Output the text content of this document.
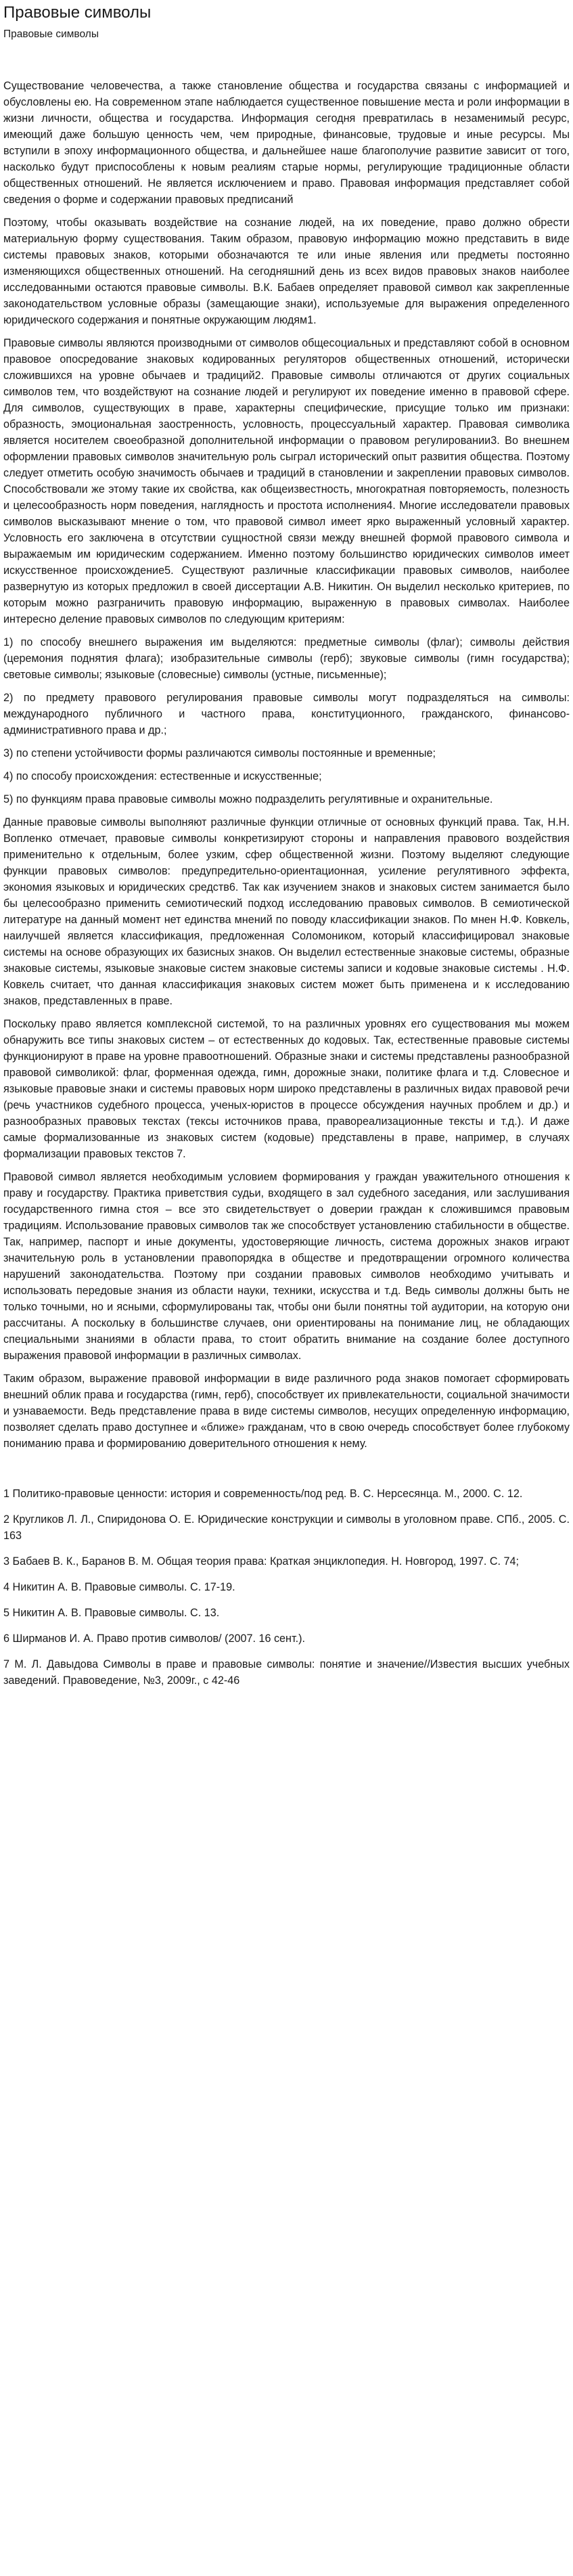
Правовые символы
Правовые символы

Существование человечества, а также становление общества и государства связаны с информацией и обусловлены ею. На современном этапе наблюдается существенное повышение места и роли информации в жизни личности, общества и государства. Информация сегодня превратилась в незаменимый ресурс, имеющий даже большую ценность чем, чем природные, финансовые, трудовые и иные ресурсы. Мы вступили в эпоху информационного общества, и дальнейшее наше благополучие развитие зависит от того, насколько будут приспособлены к новым реалиям старые нормы, регулирующие традиционные области общественных отношений. Не является исключением и право. Правовая информация представляет собой сведения о форме и содержании правовых предписаний

Поэтому, чтобы оказывать воздействие на сознание людей, на их поведение, право должно обрести материальную форму существования. Таким образом, правовую информацию можно представить в виде системы правовых знаков, которыми обозначаются те или иные явления или предметы постоянно изменяющихся общественных отношений. На сегодняшний день из всех видов правовых знаков наиболее исследованными остаются правовые символы. В.К. Бабаев определяет правовой символ как закрепленные законодательством условные образы (замещающие знаки), используемые для выражения определенного юридического содержания и понятные окружающим людям1.

Правовые символы являются производными от символов общесоциальных и представляют собой в основном правовое опосредование знаковых кодированных регуляторов общественных отношений, исторически сложившихся на уровне обычаев и традиций2. Правовые символы отличаются от других социальных символов тем, что воздействуют на сознание людей и регулируют их поведение именно в правовой сфере. Для символов, существующих в праве, характерны специфические, присущие только им признаки: образность, эмоциональная заостренность, условность, процессуальный характер. Правовая символика является носителем своеобразной дополнительной информации о правовом регулировании3. Во внешнем оформлении правовых символов значительную роль сыграл исторический опыт развития общества. Поэтому следует отметить особую значимость обычаев и традиций в становлении и закреплении правовых символов. Способствовали же этому такие их свойства, как общеизвестность, многократная повторяемость, полезность и целесообразность норм поведения, наглядность и простота исполнения4. Многие исследователи правовых символов высказывают мнение о том, что правовой символ имеет ярко выраженный условный характер. Условность его заключена в отсутствии сущностной связи между внешней формой правового символа и выражаемым им юридическим содержанием. Именно поэтому большинство юридических символов имеет искусственное происхождение5. Существуют различные классификации правовых символов, наиболее развернутую из которых предложил в своей диссертации А.В. Никитин. Он выделил несколько критериев, по которым можно разграничить правовую информацию, выраженную в правовых символах. Наиболее интересно деление правовых символов по следующим критериям:

1) по способу внешнего выражения им выделяются: предметные символы (флаг); символы действия (церемония поднятия флага); изобразительные символы (герб); звуковые символы (гимн государства); световые символы; языковые (словесные) символы (устные, письменные);

2) по предмету правового регулирования правовые символы могут подразделяться на символы: международного публичного и частного права, конституционного, гражданского, финансово-административного права и др.;

3) по степени устойчивости формы различаются символы постоянные и временные;

4) по способу происхождения: естественные и искусственные;

5) по функциям права правовые символы можно подразделить регулятивные и охранительные.

Данные правовые символы выполняют различные функции отличные от основных функций права. Так, Н.Н. Вопленко отмечает, правовые символы конкретизируют стороны и направления правового воздействия применительно к отдельным, более узким, сфер общественной жизни. Поэтому выделяют следующие функции правовых символов: предупредительно-ориентационная, усиление регулятивного эффекта, экономия языковых и юридических средств6. Так как изучением знаков и знаковых систем занимается было бы целесообразно применить семиотический подход исследованию правовых символов. В семиотической литературе на данный момент нет единства мнений по поводу классификации знаков. По мнен Н.Ф. Ковкель, наилучшей является классификация, предложенная Соломоником, который классифицировал знаковые системы на основе образующих их базисных знаков. Он выделил естественные знаковые системы, образные знаковые системы, языковые знаковые систем знаковые системы записи и кодовые знаковые системы . Н.Ф. Ковкель считает, что данная классификация знаковых систем может быть применена и к исследованию знаков, представленных в праве.

Поскольку право является комплексной системой, то на различных уровнях его существования мы можем обнаружить все типы знаковых систем – от естественных до кодовых. Так, естественные правовые системы функционируют в праве на уровне правоотношений. Образные знаки и системы представлены разнообразной правовой символикой: флаг, форменная одежда, гимн, дорожные знаки, политике флага и т.д. Словесное и языковые правовые знаки и системы правовых норм широко представлены в различных видах правовой речи (речь участников судебного процесса, ученых-юристов в процессе обсуждения научных проблем и др.) и разнообразных правовых текстах (тексы источников права, правореализационные тексты и т.д.). И даже самые формализованные из знаковых систем (кодовые) представлены в праве, например, в случаях формализации правовых текстов 7.

Правовой символ является необходимым условием формирования у граждан уважительного отношения к праву и государству. Практика приветствия судьи, входящего в зал судебного заседания, или заслушивания государственного гимна стоя – все это свидетельствует о доверии граждан к сложившимся правовым традициям. Использование правовых символов так же способствует установлению стабильности в обществе. Так, например, паспорт и иные документы, удостоверяющие личность, система дорожных знаков играют значительную роль в установлении правопорядка в обществе и предотвращении огромного количества нарушений законодательства. Поэтому при создании правовых символов необходимо учитывать и использовать передовые знания из области науки, техники, искусства и т.д. Ведь символы должны быть не только точными, но и ясными, сформулированы так, чтобы они были понятны той аудитории, на которую они рассчитаны. А поскольку в большинстве случаев, они ориентированы на понимание лиц, не обладающих специальными знаниями в области права, то стоит обратить внимание на создание более доступного выражения правовой информации в различных символах.

Таким образом, выражение правовой информации в виде различного рода знаков помогает сформировать внешний облик права и государства (гимн, герб), способствует их привлекательности, социальной значимости и узнаваемости. Ведь представление права в виде системы символов, несущих определенную информацию, позволяет сделать право доступнее и «ближе» гражданам, что в свою очередь способствует более глубокому пониманию права и формированию доверительного отношения к нему.

1 Политико-правовые ценности: история и современность/под ред. В. С. Нерсесянца. М., 2000. С. 12.

2 Кругликов Л. Л., Спиридонова О. Е. Юридические конструкции и символы в уголовном праве. СПб., 2005. С. 163

3 Бабаев В. К., Баранов В. М. Общая теория права: Краткая энциклопедия. Н. Новгород, 1997. С. 74;

4 Никитин А. В. Правовые символы. С. 17-19.

5 Никитин А. В. Правовые символы. С. 13.

6 Ширманов И. А. Право против символов/ (2007. 16 сент.).

7 М. Л. Давыдова Символы в праве и правовые символы: понятие и значение//Известия высших учебных заведений. Правоведение, №3, 2009г., с 42-46
